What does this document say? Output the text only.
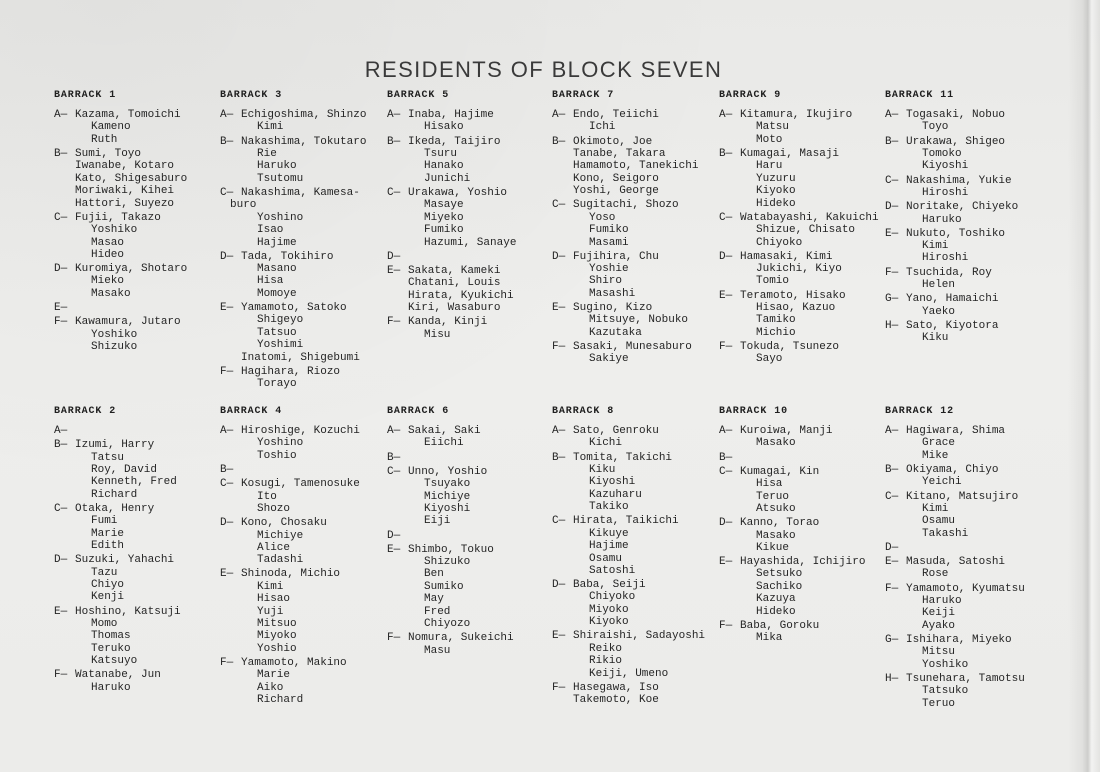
RESIDENTS OF BLOCK SEVEN
BARRACK 1
A— Kazama, Tomoichi
Kameno
Ruth
B— Sumi, Toyo
Iwanabe, Kotaro
Kato, Shigesaburo
Moriwaki, Kihei
Hattori, Suyezo
C— Fujii, Takazo
Yoshiko
Masao
Hideo
D— Kuromiya, Shotaro
Mieko
Masako
E—
F— Kawamura, Jutaro
Yoshiko
Shizuko
BARRACK 3
A— Echigoshima, Shinzo
Kimi
B— Nakashima, Tokutaro
Rie
Haruko
Tsutomu
C— Nakashima, Kamesa-
buro
Yoshino
Isao
Hajime
D— Tada, Tokihiro
Masano
Hisa
Momoye
E— Yamamoto, Satoko
Shigeyo
Tatsuo
Yoshimi
Inatomi, Shigebumi
F— Hagihara, Riozo
Torayo
BARRACK 5
A— Inaba, Hajime
Hisako
B— Ikeda, Taijiro
Tsuru
Hanako
Junichi
C— Urakawa, Yoshio
Masaye
Miyeko
Fumiko
Hazumi, Sanaye
D—
E— Sakata, Kameki
Chatani, Louis
Hirata, Kyukichi
Kiri, Wasaburo
F— Kanda, Kinji
Misu
BARRACK 7
A— Endo, Teiichi
Ichi
B— Okimoto, Joe
Tanabe, Takara
Hamamoto, Tanekichi
Kono, Seigoro
Yoshi, George
C— Sugitachi, Shozo
Yoso
Fumiko
Masami
D— Fujihira, Chu
Yoshie
Shiro
Masashi
E— Sugino, Kizo
Mitsuye, Nobuko
Kazutaka
F— Sasaki, Munesaburo
Sakiye
BARRACK 9
A— Kitamura, Ikujiro
Matsu
Moto
B— Kumagai, Masaji
Haru
Yuzuru
Kiyoko
Hideko
C— Watabayashi, Kakuichi
Shizue, Chisato
Chiyoko
D— Hamasaki, Kimi
Jukichi, Kiyo
Tomio
E— Teramoto, Hisako
Hisao, Kazuo
Tamiko
Michio
F— Tokuda, Tsunezo
Sayo
BARRACK 11
A— Togasaki, Nobuo
Toyo
B— Urakawa, Shigeo
Tomoko
Kiyoshi
C— Nakashima, Yukie
Hiroshi
D— Noritake, Chiyeko
Haruko
E— Nukuto, Toshiko
Kimi
Hiroshi
F— Tsuchida, Roy
Helen
G— Yano, Hamaichi
Yaeko
H— Sato, Kiyotora
Kiku
BARRACK 2
A—
B— Izumi, Harry
Tatsu
Roy, David
Kenneth, Fred
Richard
C— Otaka, Henry
Fumi
Marie
Edith
D— Suzuki, Yahachi
Tazu
Chiyo
Kenji
E— Hoshino, Katsuji
Momo
Thomas
Teruko
Katsuyo
F— Watanabe, Jun
Haruko
BARRACK 4
A— Hiroshige, Kozuchi
Yoshino
Toshio
B—
C— Kosugi, Tamenosuke
Ito
Shozo
D— Kono, Chosaku
Michiye
Alice
Tadashi
E— Shinoda, Michio
Kimi
Hisao
Yuji
Mitsuo
Miyoko
Yoshio
F— Yamamoto, Makino
Marie
Aiko
Richard
BARRACK 6
A— Sakai, Saki
Eiichi
B—
C— Unno, Yoshio
Tsuyako
Michiye
Kiyoshi
Eiji
D—
E— Shimbo, Tokuo
Shizuko
Ben
Sumiko
May
Fred
Chiyozo
F— Nomura, Sukeichi
Masu
BARRACK 8
A— Sato, Genroku
Kichi
B— Tomita, Takichi
Kiku
Kiyoshi
Kazuharu
Takiko
C— Hirata, Taikichi
Kikuye
Hajime
Osamu
Satoshi
D— Baba, Seiji
Chiyoko
Miyoko
Kiyoko
E— Shiraishi, Sadayoshi
Reiko
Rikio
Keiji, Umeno
F— Hasegawa, Iso
Takemoto, Koe
BARRACK 10
A— Kuroiwa, Manji
Masako
B—
C— Kumagai, Kin
Hisa
Teruo
Atsuko
D— Kanno, Torao
Masako
Kikue
E— Hayashida, Ichijiro
Setsuko
Sachiko
Kazuya
Hideko
F— Baba, Goroku
Mika
BARRACK 12
A— Hagiwara, Shima
Grace
Mike
B— Okiyama, Chiyo
Yeichi
C— Kitano, Matsujiro
Kimi
Osamu
Takashi
D—
E— Masuda, Satoshi
Rose
F— Yamamoto, Kyumatsu
Haruko
Keiji
Ayako
G— Ishihara, Miyeko
Mitsu
Yoshiko
H— Tsunehara, Tamotsu
Tatsuko
Teruo
